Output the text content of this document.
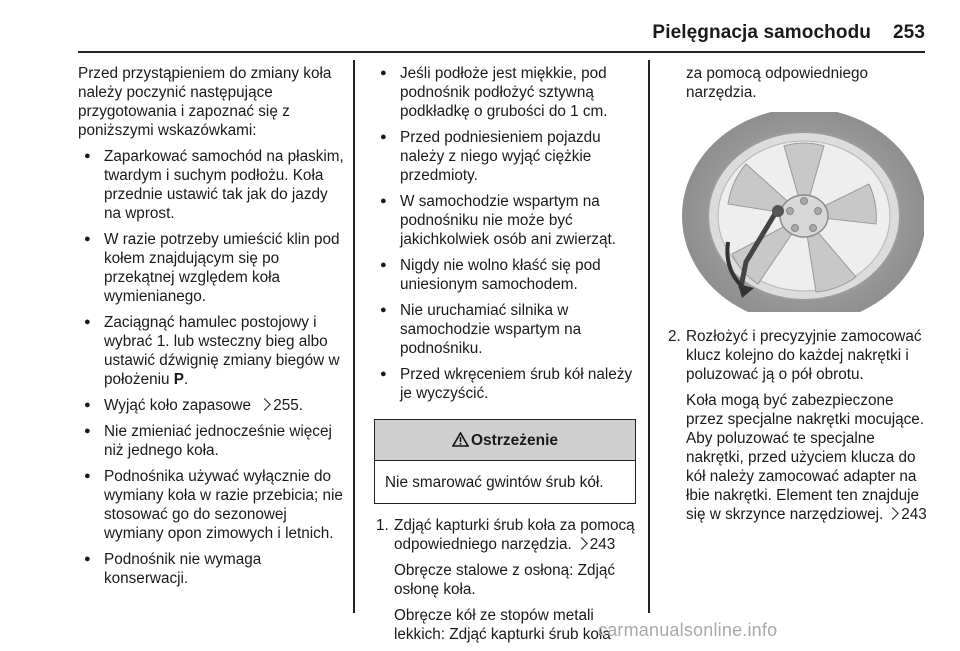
Pielęgnacja samochodu 253

Przed przystąpieniem do zmiany koła należy poczynić następujące przygotowania i zapoznać się z poniższymi wskazówkami:

● Zaparkować samochód na płaskim, twardym i suchym podłożu. Koła przednie ustawić tak jak do jazdy na wprost.
● W razie potrzeby umieścić klin pod kołem znajdującym się po przekątnej względem koła wymienianego.
● Zaciągnąć hamulec postojowy i wybrać 1. lub wsteczny bieg albo ustawić dźwignię zmiany biegów w położeniu P.
● Wyjąć koło zapasowe 255.
● Nie zmieniać jednocześnie więcej niż jednego koła.
● Podnośnika używać wyłącznie do wymiany koła w razie przebicia; nie stosować go do sezonowej wymiany opon zimowych i letnich.
● Podnośnik nie wymaga konserwacji.
● Jeśli podłoże jest miękkie, pod podnośnik podłożyć sztywną podkładkę o grubości do 1 cm.
● Przed podniesieniem pojazdu należy z niego wyjąć ciężkie przedmioty.
● W samochodzie wspartym na podnośniku nie może być jakichkolwiek osób ani zwierząt.
● Nigdy nie wolno kłaść się pod uniesionym samochodem.
● Nie uruchamiać silnika w samochodzie wspartym na podnośniku.
● Przed wkręceniem śrub kół należy je wyczyścić.
Ostrzeżenie
Nie smarować gwintów śrub kół.
1. Zdjąć kapturki śrub koła za pomocą odpowiedniego narzędzia. 243
Obręcze stalowe z osłoną: Zdjąć osłonę koła.
Obręcze kół ze stopów metali lekkich: Zdjąć kapturki śrub koła
za pomocą odpowiedniego narzędzia.
2. Rozłożyć i precyzyjnie zamocować klucz kolejno do każdej nakrętki i poluzować ją o pół obrotu.
Koła mogą być zabezpieczone przez specjalne nakrętki mocujące. Aby poluzować te specjalne nakrętki, przed użyciem klucza do kół należy zamocować adapter na łbie nakrętki. Element ten znajduje się w skrzynce narzędziowej. 243
carmanualsonline.info
